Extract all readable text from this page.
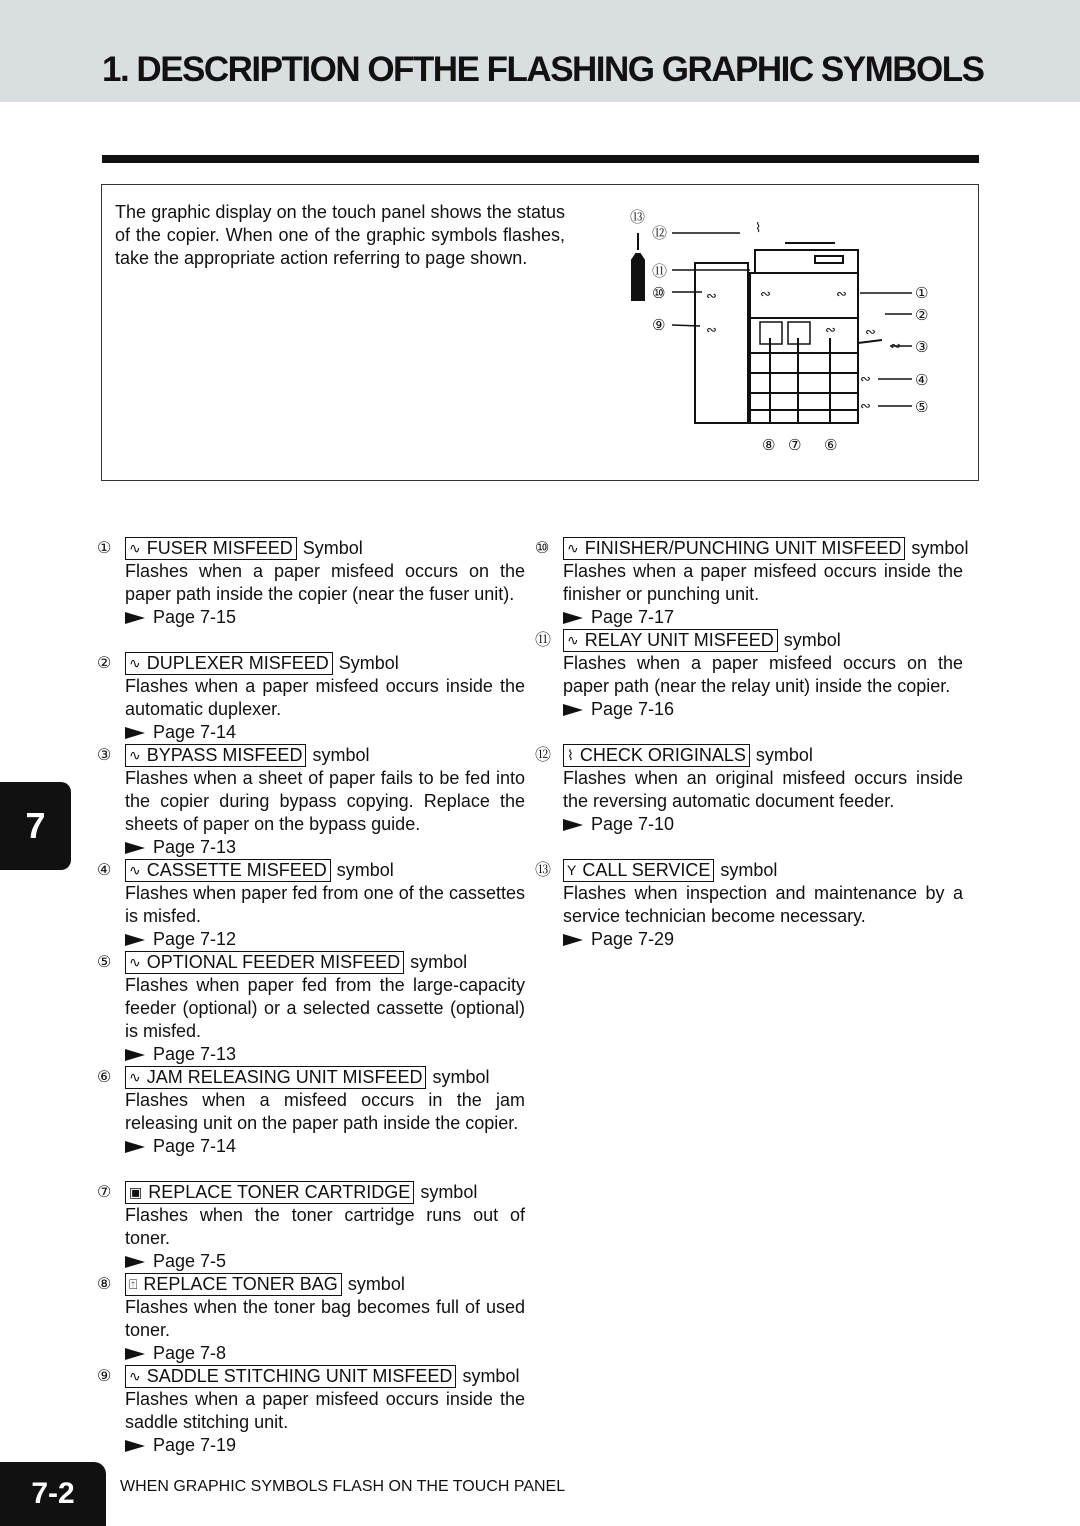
1. DESCRIPTION OFTHE FLASHING GRAPHIC SYMBOLS

The graphic display on the touch panel shows the status of the copier. When one of the graphic symbols flashes, take the appropriate action referring to page shown.

⌇
∾	∾	∾
∾	∾ ∾
∾
∾
∾
⑬
⑫
⑪
⑩
⑨
①
②
③
④
⑤
⑧ ⑦ ⑥
7
7-2	WHEN GRAPHIC SYMBOLS FLASH ON THE TOUCH PANEL
① ∿ FUSER MISFEED Symbol

Flashes when a paper misfeed occurs on the paper path inside the copier (near the fuser unit).

Page 7-15
② ∿ DUPLEXER MISFEED Symbol

Flashes when a paper misfeed occurs inside the automatic duplexer.

Page 7-14
③ ∿ BYPASS MISFEED symbol

Flashes when a sheet of paper fails to be fed into the copier during bypass copying. Replace the sheets of paper on the bypass guide.

Page 7-13
④ ∿ CASSETTE MISFEED symbol

Flashes when paper fed from one of the cassettes is misfed.

Page 7-12
⑤ ∿ OPTIONAL FEEDER MISFEED symbol

Flashes when paper fed from the large-capacity feeder (optional) or a selected cassette (optional) is misfed.

Page 7-13
⑥ ∿ JAM RELEASING UNIT MISFEED symbol

Flashes when a misfeed occurs in the jam releasing unit on the paper path inside the copier.

Page 7-14
⑦ ▣ REPLACE TONER CARTRIDGE symbol

Flashes when the toner cartridge runs out of toner.

Page 7-5
⑧ ⍐ REPLACE TONER BAG symbol

Flashes when the toner bag becomes full of used toner.

Page 7-8
⑨ ∿ SADDLE STITCHING UNIT MISFEED symbol

Flashes when a paper misfeed occurs inside the saddle stitching unit.

Page 7-19
⑩ ∿ FINISHER/PUNCHING UNIT MISFEED symbol

Flashes when a paper misfeed occurs inside the finisher or punching unit.

Page 7-17
⑪ ∿ RELAY UNIT MISFEED symbol

Flashes when a paper misfeed occurs on the paper path (near the relay unit) inside the copier.

Page 7-16
⑫ ⌇ CHECK ORIGINALS symbol

Flashes when an original misfeed occurs inside the reversing automatic document feeder.

Page 7-10
⑬ Y CALL SERVICE symbol

Flashes when inspection and maintenance by a service technician become necessary.

Page 7-29
